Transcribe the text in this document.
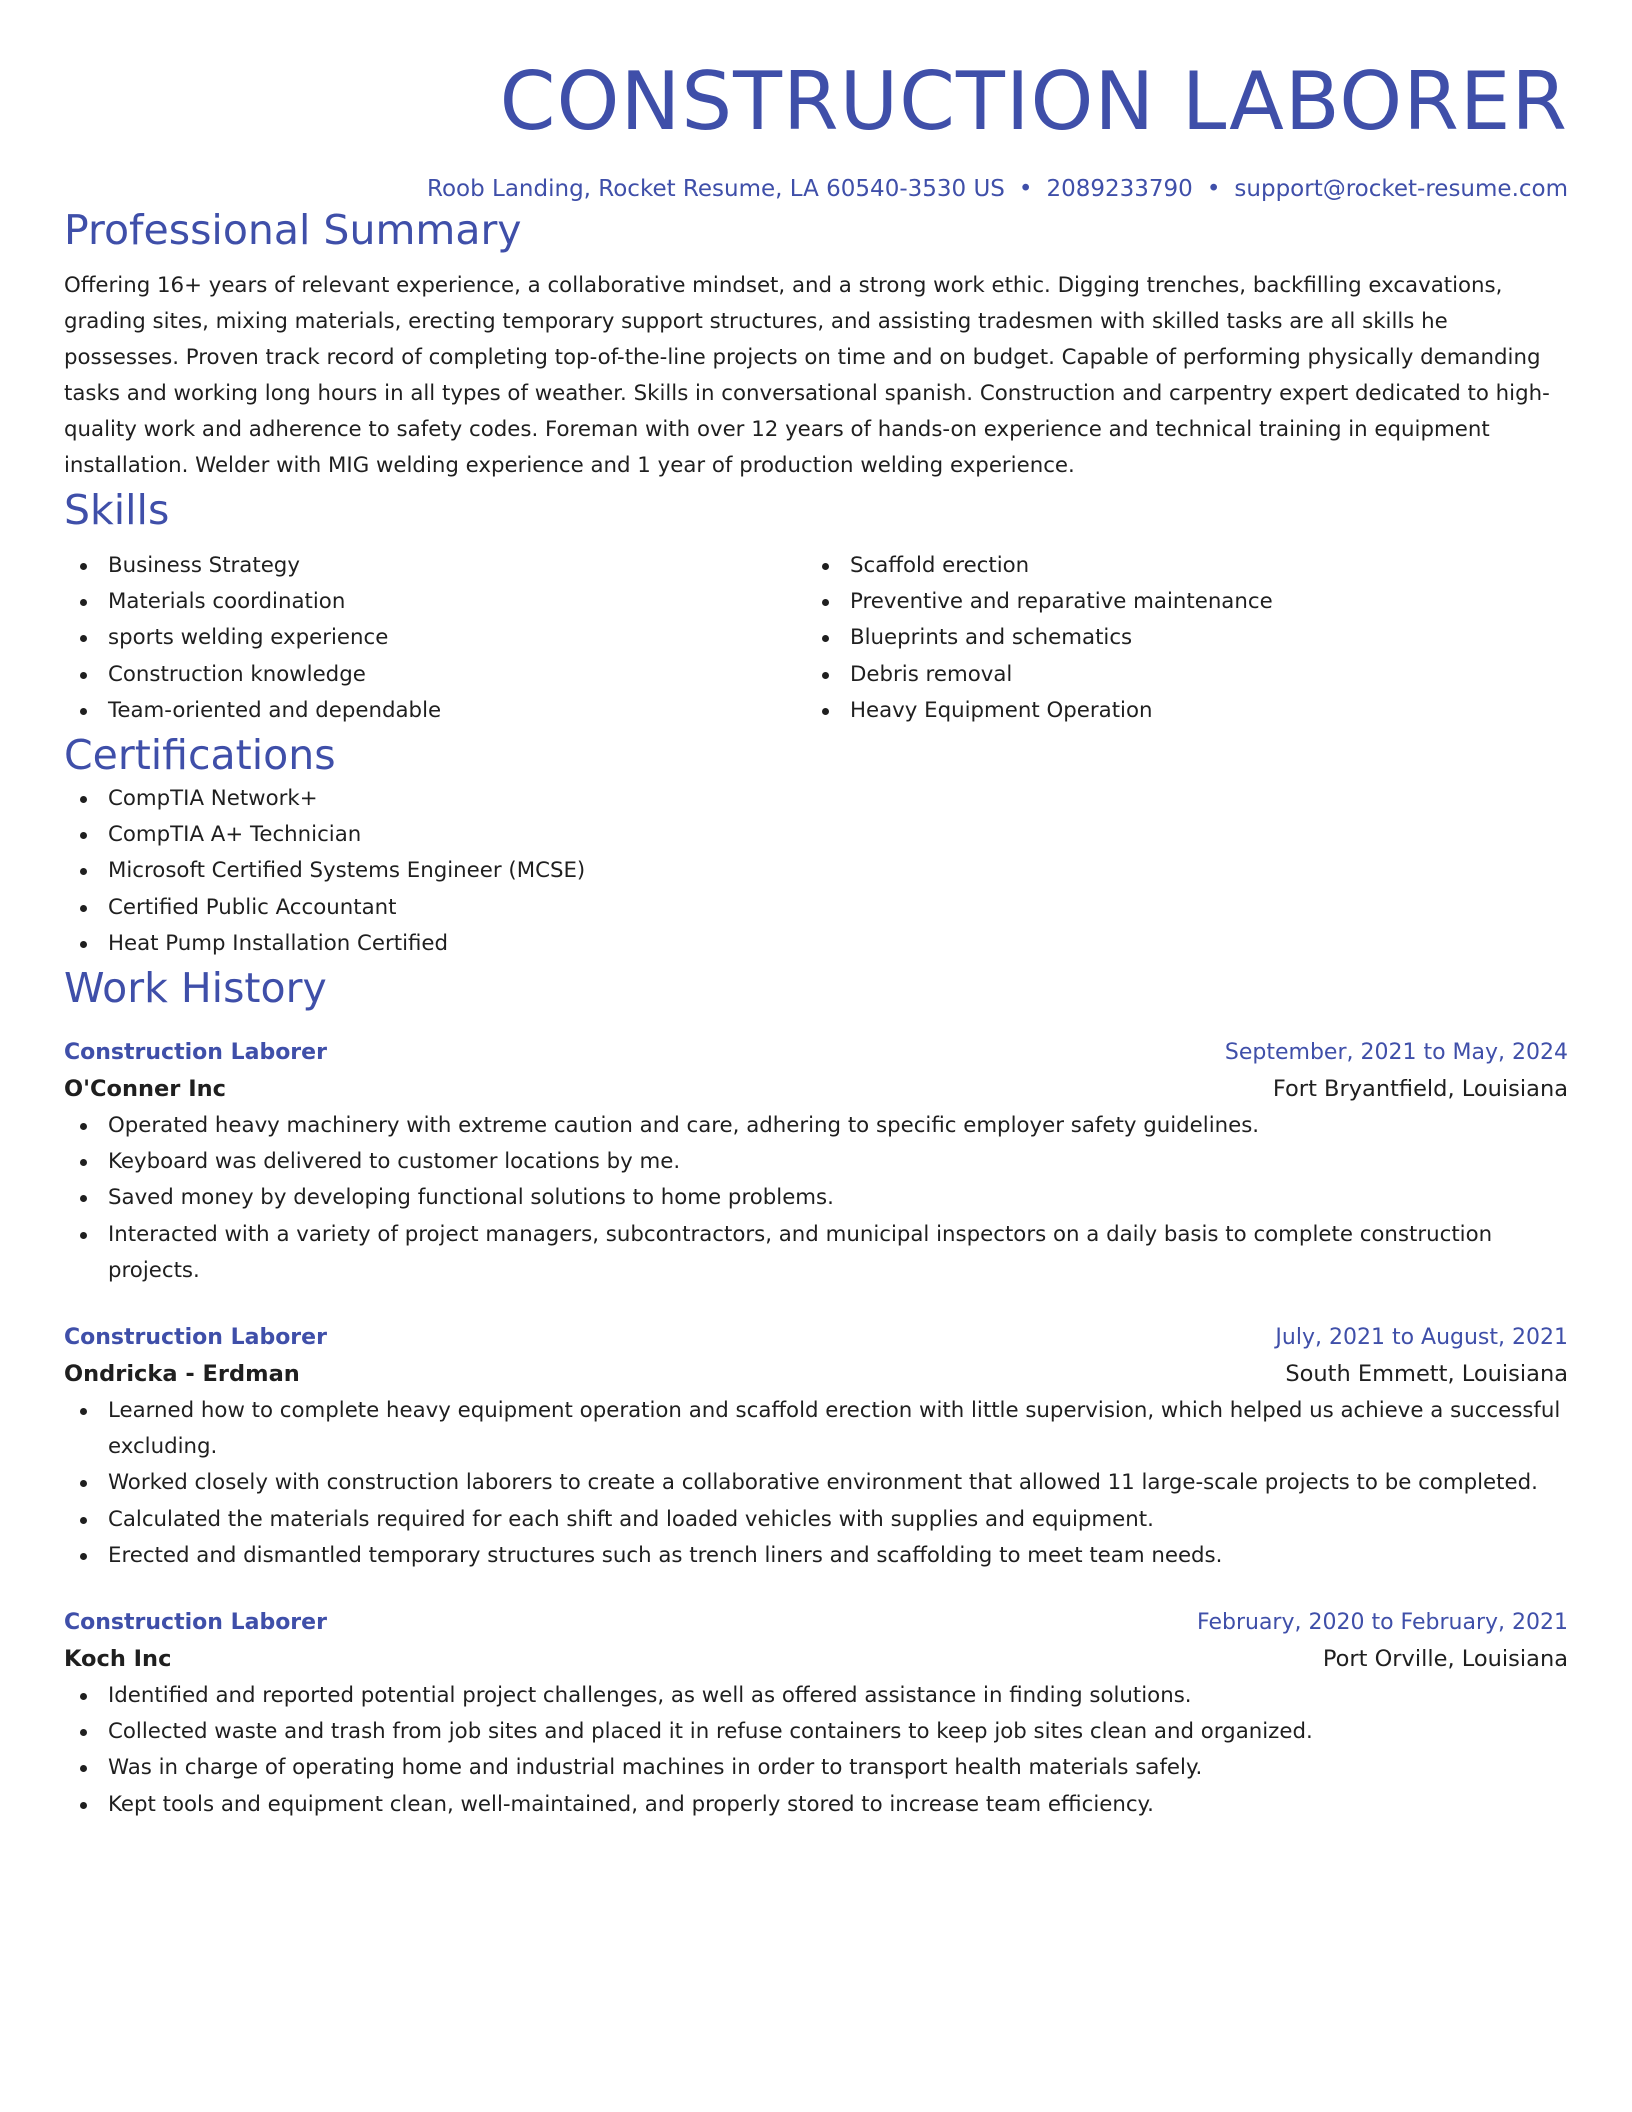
CONSTRUCTION LABORER
Roob Landing, Rocket Resume, LA 60540-3530 US • 2089233790 • support@rocket-resume.com
Professional Summary
Offering 16+ years of relevant experience, a collaborative mindset, and a strong work ethic. Digging trenches, backfilling excavations, grading sites, mixing materials, erecting temporary support structures, and assisting tradesmen with skilled tasks are all skills he possesses. Proven track record of completing top-of-the-line projects on time and on budget. Capable of performing physically demanding tasks and working long hours in all types of weather. Skills in conversational spanish. Construction and carpentry expert dedicated to high-quality work and adherence to safety codes. Foreman with over 12 years of hands-on experience and technical training in equipment installation. Welder with MIG welding experience and 1 year of production welding experience.
Skills
Business Strategy
Materials coordination
sports welding experience
Construction knowledge
Team-oriented and dependable
Scaffold erection
Preventive and reparative maintenance
Blueprints and schematics
Debris removal
Heavy Equipment Operation
Certifications
CompTIA Network+
CompTIA A+ Technician
Microsoft Certified Systems Engineer (MCSE)
Certified Public Accountant
Heat Pump Installation Certified
Work History
Construction Laborer	September, 2021 to May, 2024
O'Conner Inc	Fort Bryantfield, Louisiana
Operated heavy machinery with extreme caution and care, adhering to specific employer safety guidelines.
Keyboard was delivered to customer locations by me.
Saved money by developing functional solutions to home problems.
Interacted with a variety of project managers, subcontractors, and municipal inspectors on a daily basis to complete construction projects.
Construction Laborer	July, 2021 to August, 2021
Ondricka - Erdman	South Emmett, Louisiana
Learned how to complete heavy equipment operation and scaffold erection with little supervision, which helped us achieve a successful excluding.
Worked closely with construction laborers to create a collaborative environment that allowed 11 large-scale projects to be completed.
Calculated the materials required for each shift and loaded vehicles with supplies and equipment.
Erected and dismantled temporary structures such as trench liners and scaffolding to meet team needs.
Construction Laborer	February, 2020 to February, 2021
Koch Inc	Port Orville, Louisiana
Identified and reported potential project challenges, as well as offered assistance in finding solutions.
Collected waste and trash from job sites and placed it in refuse containers to keep job sites clean and organized.
Was in charge of operating home and industrial machines in order to transport health materials safely.
Kept tools and equipment clean, well-maintained, and properly stored to increase team efficiency.
